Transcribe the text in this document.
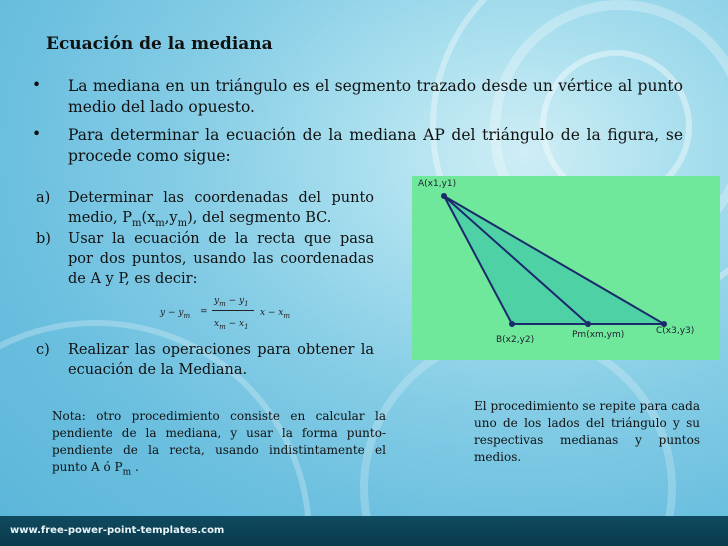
Ecuación de la mediana
• La mediana en un triángulo es el segmento trazado desde un vértice al punto medio del lado opuesto.
• Para determinar la ecuación de la mediana AP del triángulo de la figura, se procede como sigue:
a) Determinar las coordenadas del punto medio, $P_m(x_m,y_m)$, del segmento BC.
b) Usar la ecuación de la recta que pasa por dos puntos, usando las coordenadas de A y P, es decir:
$y - y_m$ =
$y_m - y_1$
$x_m - x_1$
$x - x_m$
c) Realizar las operaciones para obtener la ecuación de la Mediana.
Nota: otro procedimiento consiste en calcular la pendiente de la mediana, y usar la forma punto-pendiente de la recta, usando indistintamente el punto A ó $P_m$ .
El procedimiento se repite para cada uno de los lados del triángulo y su respectivas medianas y puntos medios.
A(x1,y1)
B(x2,y2)	Pm(xm,ym)	C(x3,y3)
www.free-power-point-templates.com
